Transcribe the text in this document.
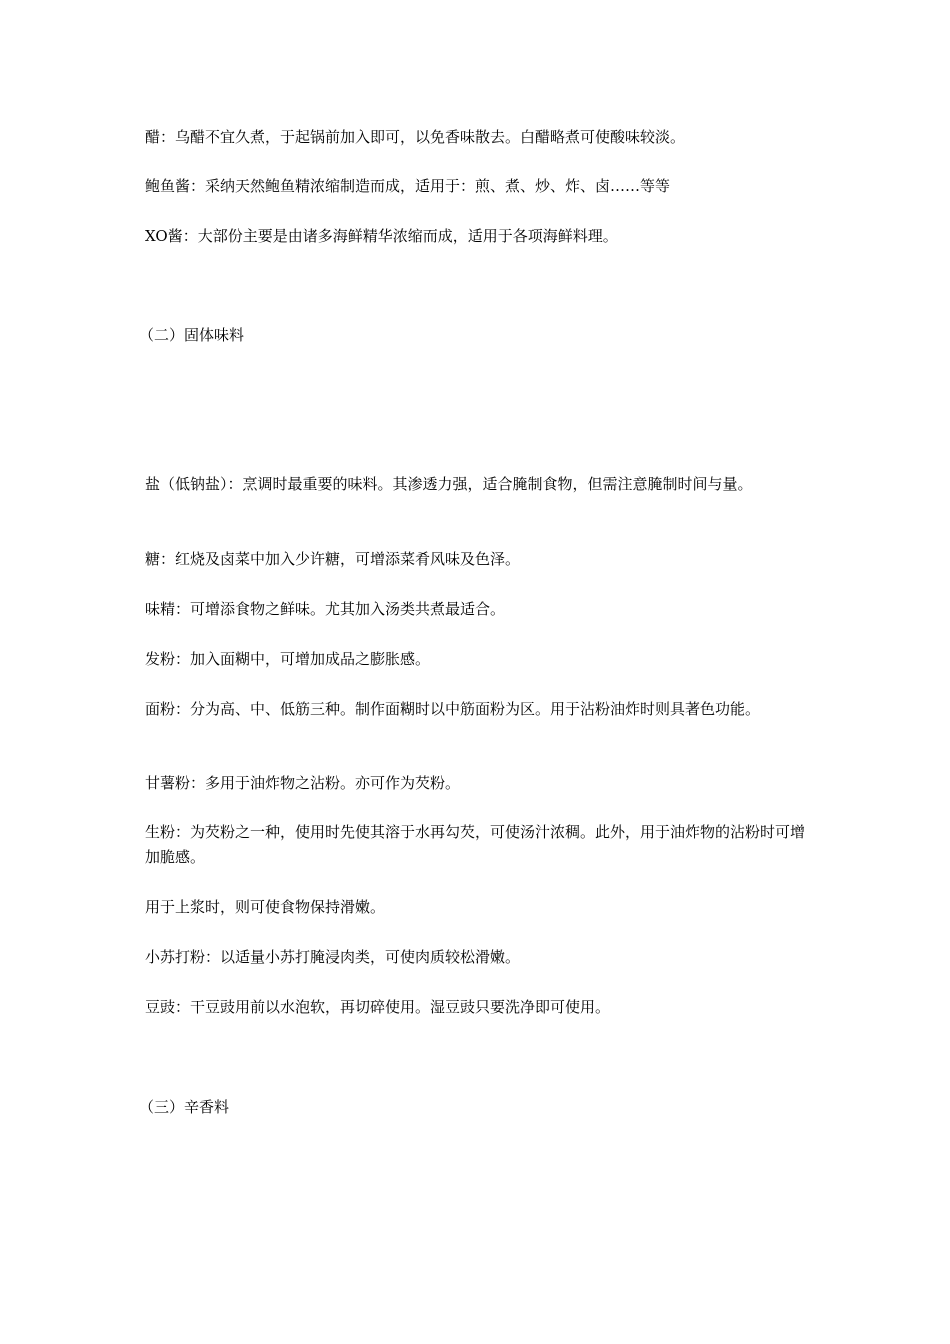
醋：乌醋不宜久煮，于起锅前加入即可，以免香味散去。白醋略煮可使酸味较淡。

鲍鱼酱：采纳天然鲍鱼精浓缩制造而成，适用于：煎、煮、炒、炸、卤……等等

XO酱：大部份主要是由诸多海鲜精华浓缩而成，适用于各项海鲜料理。

（二）固体味料

盐（低钠盐）：烹调时最重要的味料。其渗透力强，适合腌制食物，但需注意腌制时间与量。

糖：红烧及卤菜中加入少许糖，可增添菜肴风味及色泽。

味精：可增添食物之鲜味。尤其加入汤类共煮最适合。

发粉：加入面糊中，可增加成品之膨胀感。

面粉：分为高、中、低筋三种。制作面糊时以中筋面粉为区。用于沾粉油炸时则具著色功能。

甘薯粉：多用于油炸物之沾粉。亦可作为芡粉。

生粉：为芡粉之一种，使用时先使其溶于水再勾芡，可使汤汁浓稠。此外，用于油炸物的沾粉时可增加脆感。

用于上浆时，则可使食物保持滑嫩。

小苏打粉：以适量小苏打腌浸肉类，可使肉质较松滑嫩。

豆豉：干豆豉用前以水泡软，再切碎使用。湿豆豉只要洗净即可使用。

（三）辛香料
